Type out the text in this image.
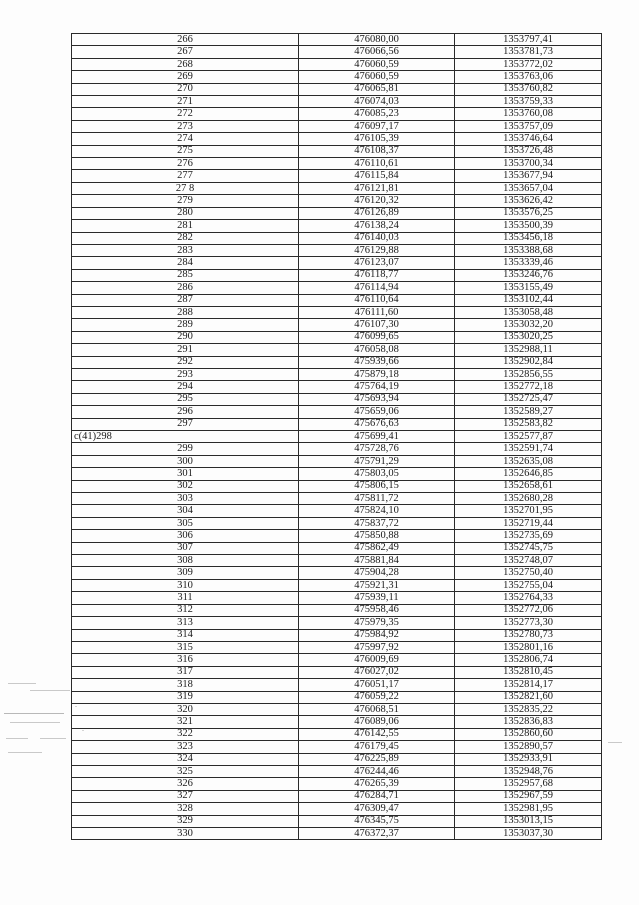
266	476080,00	1353797,41
267	476066,56	1353781,73
268	476060,59	1353772,02
269	476060,59	1353763,06
270	476065,81	1353760,82
271	476074,03	1353759,33
272	476085,23	1353760,08
273	476097,17	1353757,09
274	476105,39	1353746,64
275	476108,37	1353726,48
276	476110,61	1353700,34
277	476115,84	1353677,94
27 8	476121,81	1353657,04
279	476120,32	1353626,42
280	476126,89	1353576,25
281	476138,24	1353500,39
282	476140,03	1353456,18
283	476129,88	1353388,68
284	476123,07	1353339,46
285	476118,77	1353246,76
286	476114,94	1353155,49
287	476110,64	1353102,44
288	476111,60	1353058,48
289	476107,30	1353032,20
290	476099,65	1353020,25
291	476058,08	1352988,11
292	475939,66	1352902,84
293	475879,18	1352856,55
294	475764,19	1352772,18
295	475693,94	1352725,47
296	475659,06	1352589,27
297	475676,63	1352583,82
с(41)298	475699,41	1352577,87
299	475728,76	1352591,74
300	475791,29	1352635,08
301	475803,05	1352646,85
302	475806,15	1352658,61
303	475811,72	1352680,28
304	475824,10	1352701,95
305	475837,72	1352719,44
306	475850,88	1352735,69
307	475862,49	1352745,75
308	475881,84	1352748,07
309	475904,28	1352750,40
310	475921,31	1352755,04
311	475939,11	1352764,33
312	475958,46	1352772,06
313	475979,35	1352773,30
314	475984,92	1352780,73
315	475997,92	1352801,16
316	476009,69	1352806,74
317	476027,02	1352810,45
318	476051,17	1352814,17
319	476059,22	1352821,60
320	476068,51	1352835,22
321	476089,06	1352836,83
322	476142,55	1352860,60
323	476179,45	1352890,57
324	476225,89	1352933,91
325	476244,46	1352948,76
326	476265,39	1352957,68
327	476284,71	1352967,59
328	476309,47	1352981,95
329	476345,75	1353013,15
330	476372,37	1353037,30
